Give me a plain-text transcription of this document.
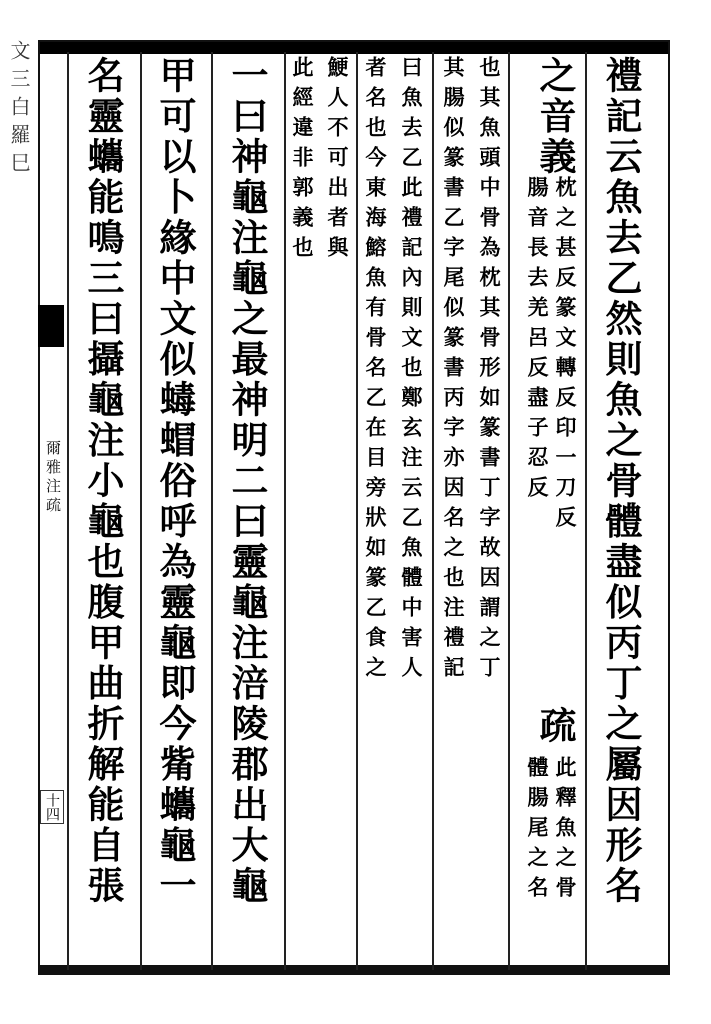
文三白羅巳
爾雅注疏
十四	禮記云魚去乙然則魚之骨體盡似丙丁之屬因形名
之音義
枕之甚反篆文轉反印一刀反
腸音長去羌呂反盡子忍反
疏
此釋魚之骨
體腸尾之名
也其魚頭中骨為枕其骨形如篆書丁字故因謂之丁
其腸似篆書乙字尾似篆書丙字亦因名之也注禮記
曰魚去乙此禮記內則文也鄭玄注云乙魚體中害人
者名也今東海鰫魚有骨名乙在目旁狀如篆乙食之
鯁人不可出者與
此經違非郭義也
一曰神龜注龜之最神明二曰靈龜注涪陵郡出大龜
甲可以卜緣中文似蝳蝐俗呼為靈龜即今觜蠵龜一
名靈蠵能鳴三曰攝龜注小龜也腹甲曲折解能自張
